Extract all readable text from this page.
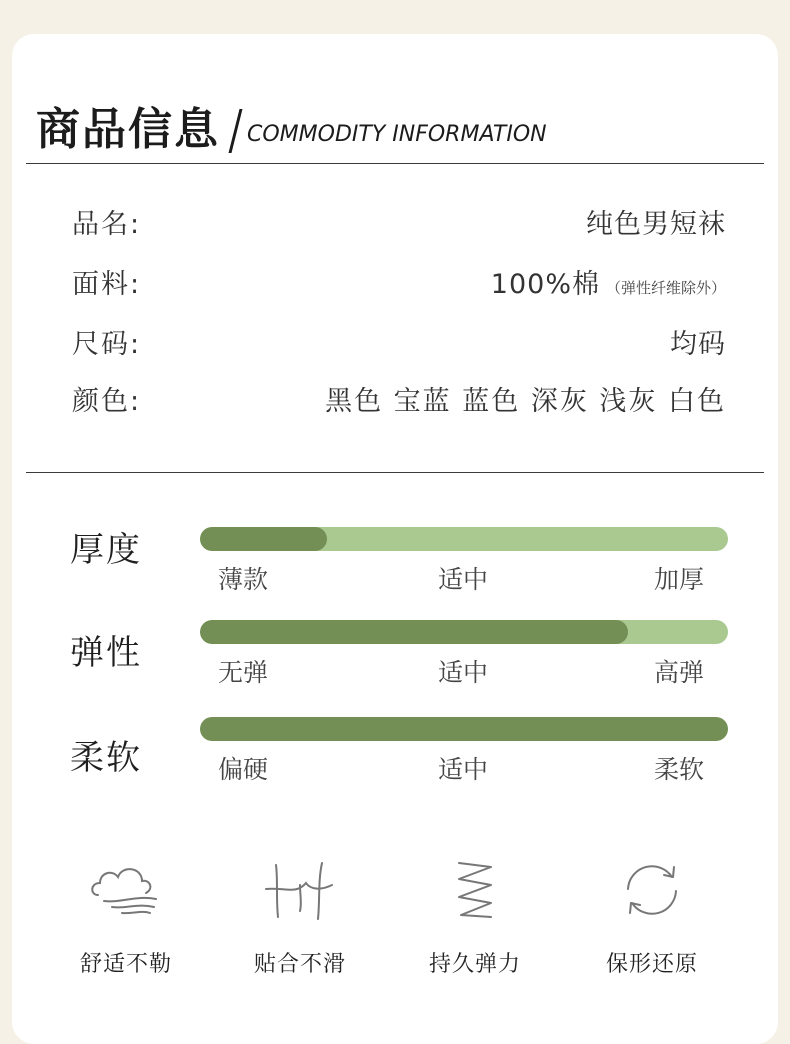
商品信息 COMMODITY INFORMATION
品名:	纯色男短袜
面料:	100%棉 （弹性纤维除外）
尺码:	均码
颜色:	黑色 宝蓝 蓝色 深灰 浅灰 白色
厚度
薄款	适中	加厚
弹性	无弹	适中	高弹
柔软	偏硬	适中	柔软
舒适不勒	贴合不滑	持久弹力	保形还原
